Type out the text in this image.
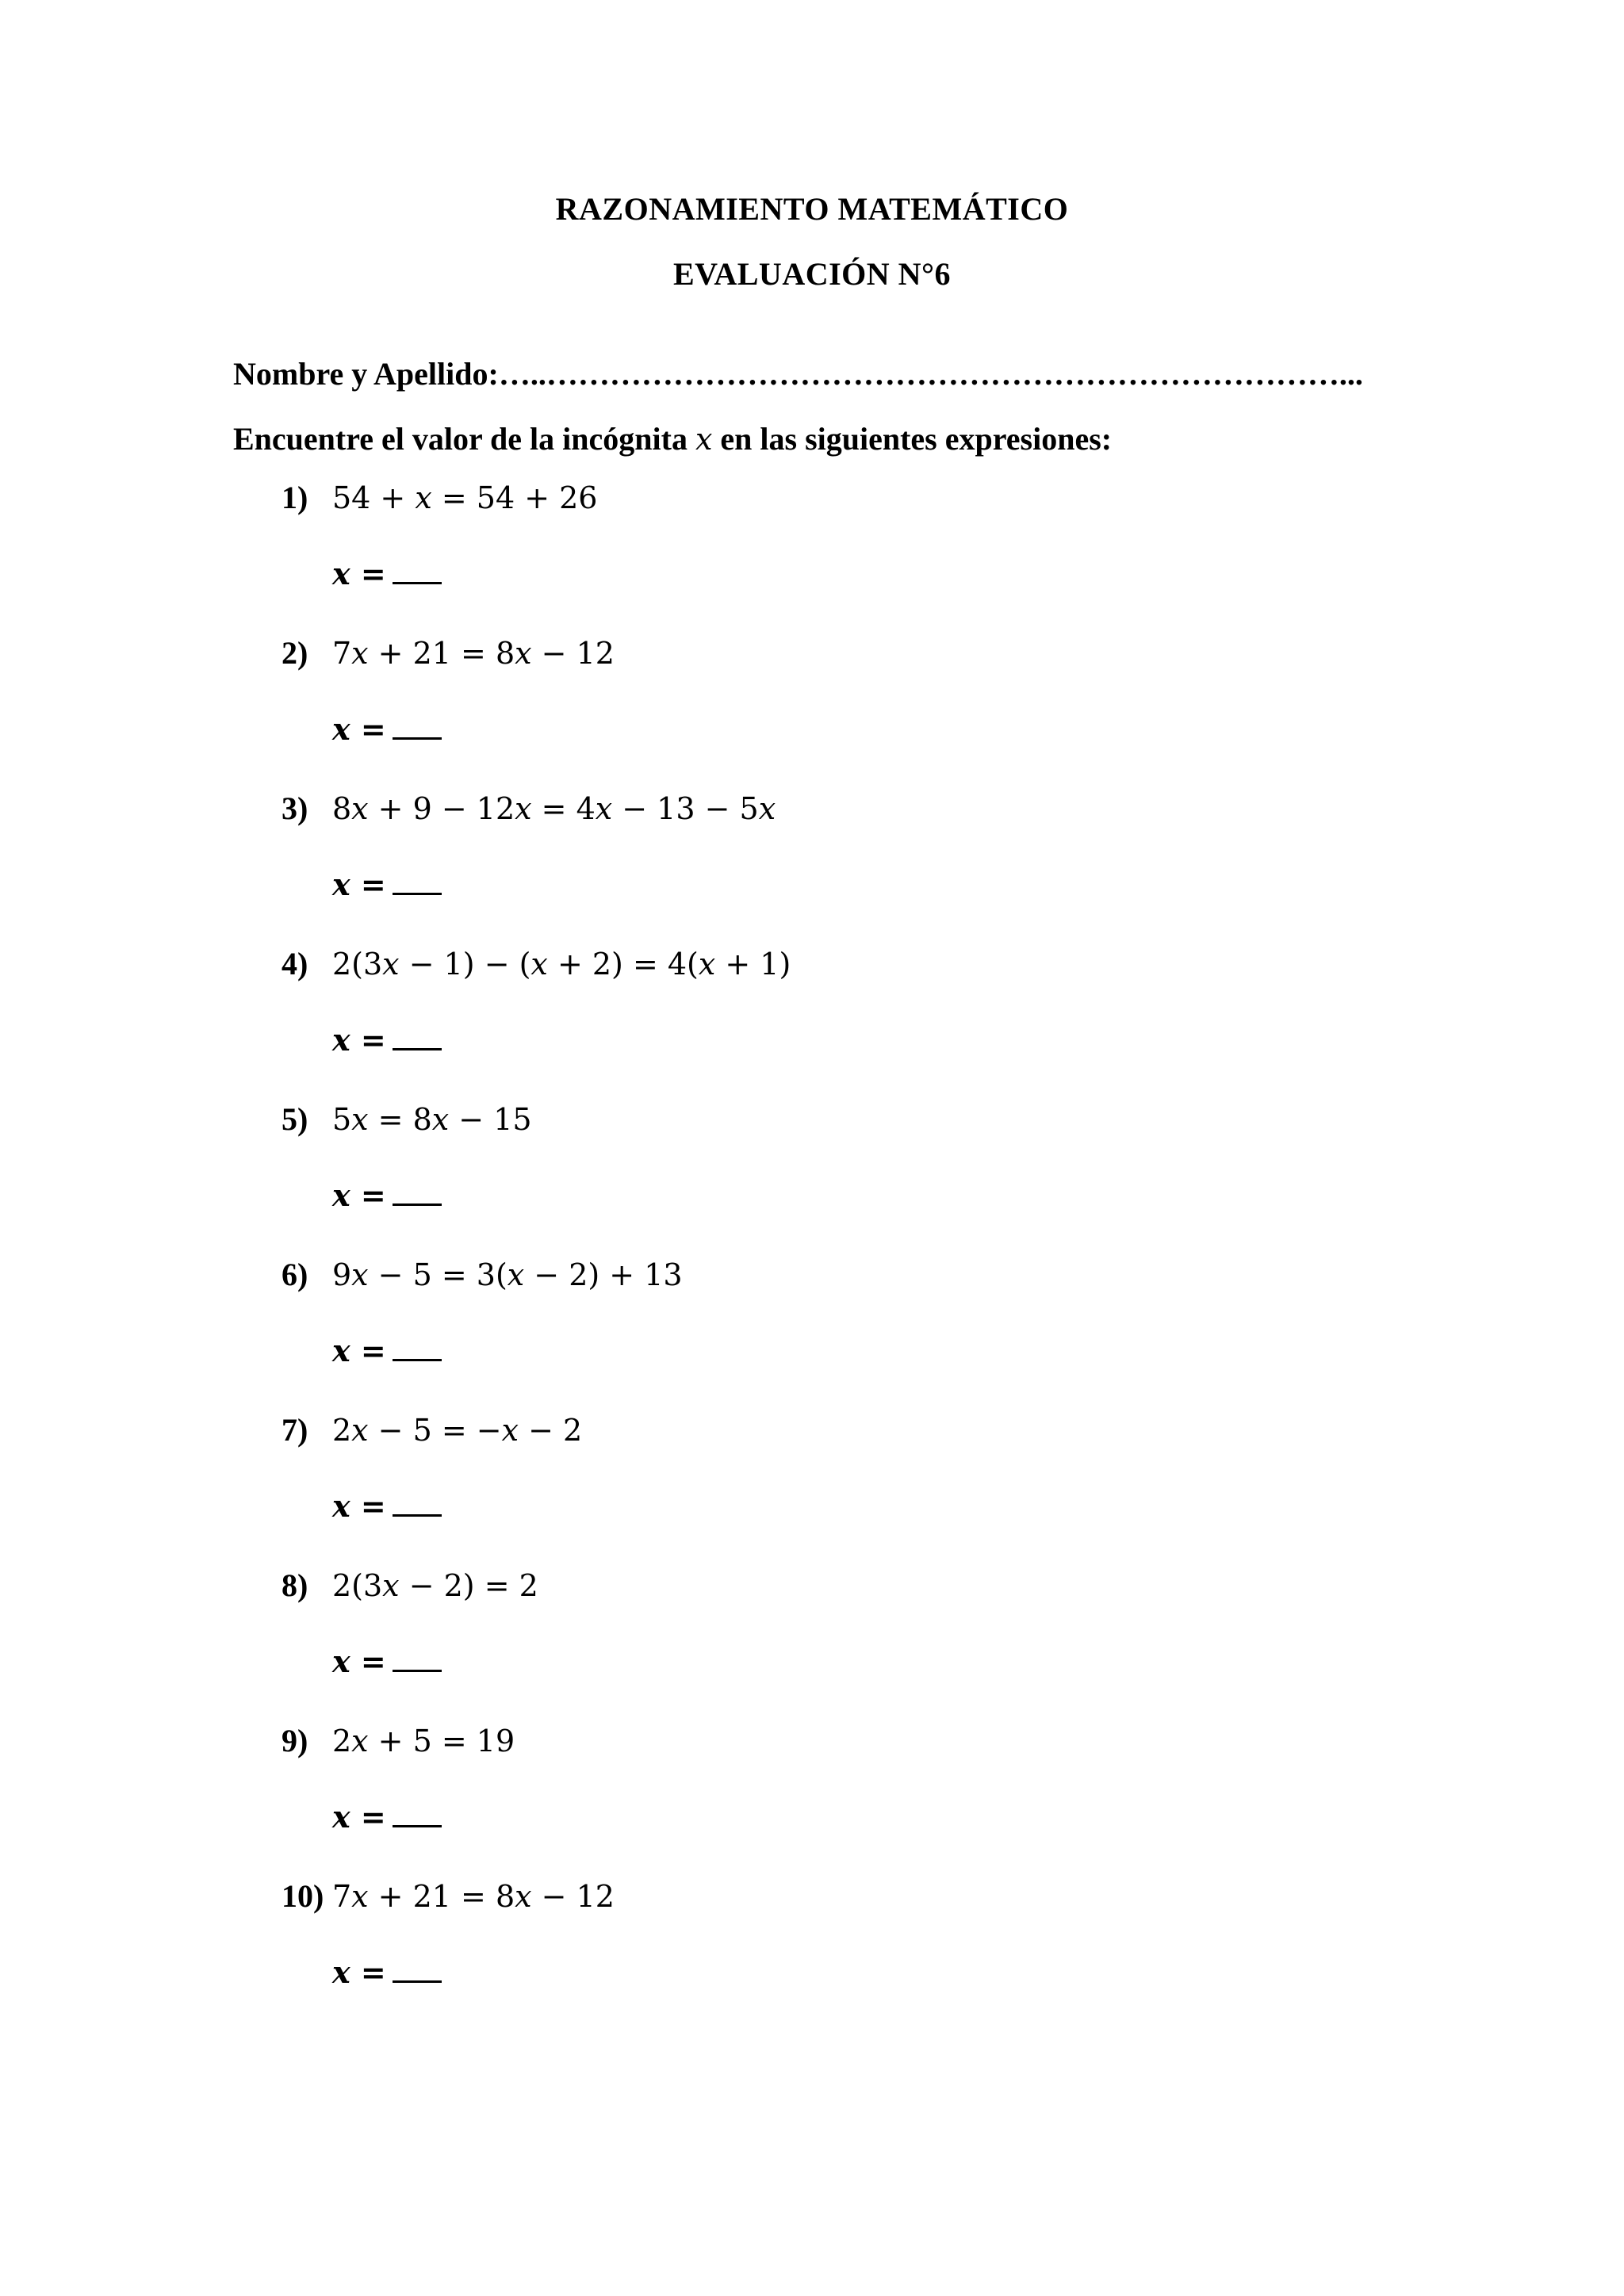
RAZONAMIENTO MATEMÁTICO
EVALUACIÓN N°6
Nombre y Apellido:…..…………………………………………………………………...
Encuentre el valor de la incógnita x en las siguientes expresiones:
1) 54 + 𝑥 = 54 + 26
𝒙 =
2) 7𝑥 + 21 = 8𝑥 − 12
𝒙 =
3) 8𝑥 + 9 − 12𝑥 = 4𝑥 − 13 − 5𝑥
𝒙 =
4) 2(3𝑥 − 1) − (𝑥 + 2) = 4(𝑥 + 1)
𝒙 =
5) 5𝑥 = 8𝑥 − 15
𝒙 =
6) 9𝑥 − 5 = 3(𝑥 − 2) + 13
𝒙 =
7) 2𝑥 − 5 = −𝑥 − 2
𝒙 =
8) 2(3𝑥 − 2) = 2
𝒙 =
9) 2𝑥 + 5 = 19
𝒙 =
10) 7𝑥 + 21 = 8𝑥 − 12
𝒙 =
